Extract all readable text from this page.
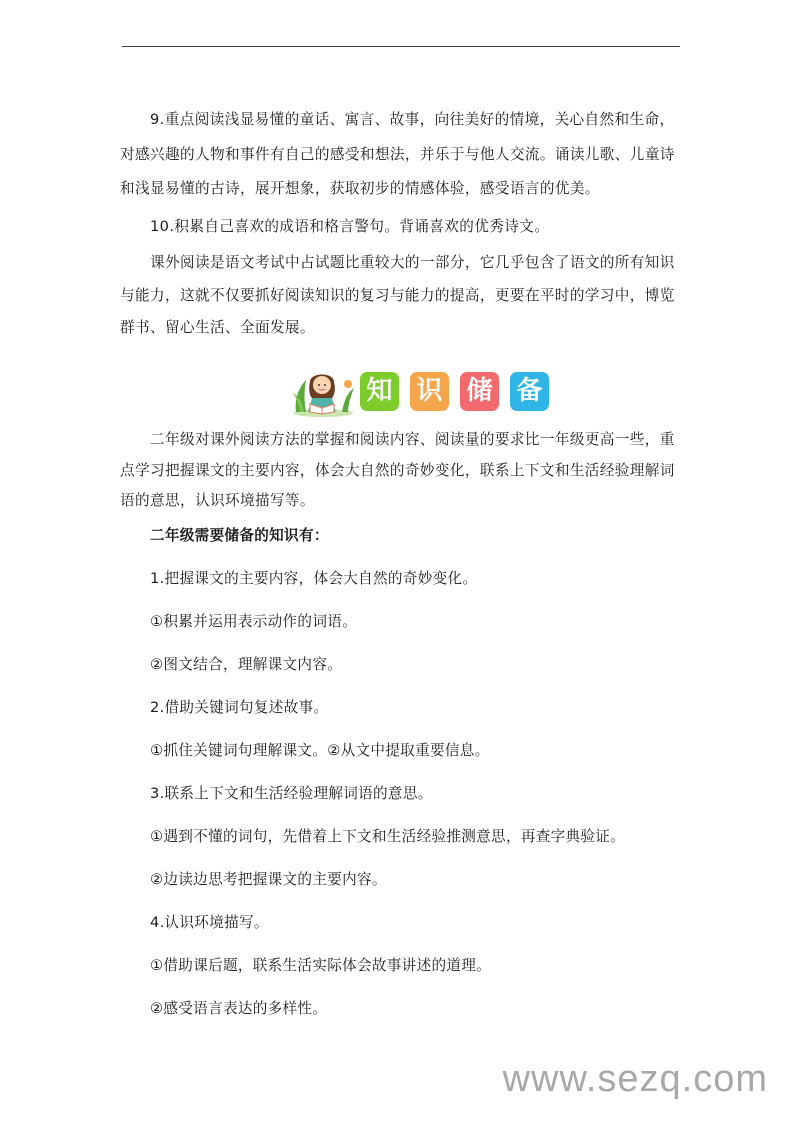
9.重点阅读浅显易懂的童话、寓言、故事，向往美好的情境，关心自然和生命，对感兴趣的人物和事件有自己的感受和想法，并乐于与他人交流。诵读儿歌、儿童诗和浅显易懂的古诗，展开想象，获取初步的情感体验，感受语言的优美。

10.积累自己喜欢的成语和格言警句。背诵喜欢的优秀诗文。

课外阅读是语文考试中占试题比重较大的一部分，它几乎包含了语文的所有知识与能力，这就不仅要抓好阅读知识的复习与能力的提高，更要在平时的学习中，博览群书、留心生活、全面发展。

知 识 储 备

二年级对课外阅读方法的掌握和阅读内容、阅读量的要求比一年级更高一些，重点学习把握课文的主要内容，体会大自然的奇妙变化，联系上下文和生活经验理解词语的意思，认识环境描写等。

二年级需要储备的知识有：

1.把握课文的主要内容，体会大自然的奇妙变化。

①积累并运用表示动作的词语。

②图文结合，理解课文内容。

2.借助关键词句复述故事。

①抓住关键词句理解课文。②从文中提取重要信息。

3.联系上下文和生活经验理解词语的意思。

①遇到不懂的词句，先借着上下文和生活经验推测意思，再查字典验证。

②边读边思考把握课文的主要内容。

4.认识环境描写。

①借助课后题，联系生活实际体会故事讲述的道理。

②感受语言表达的多样性。

www.sezq.com
